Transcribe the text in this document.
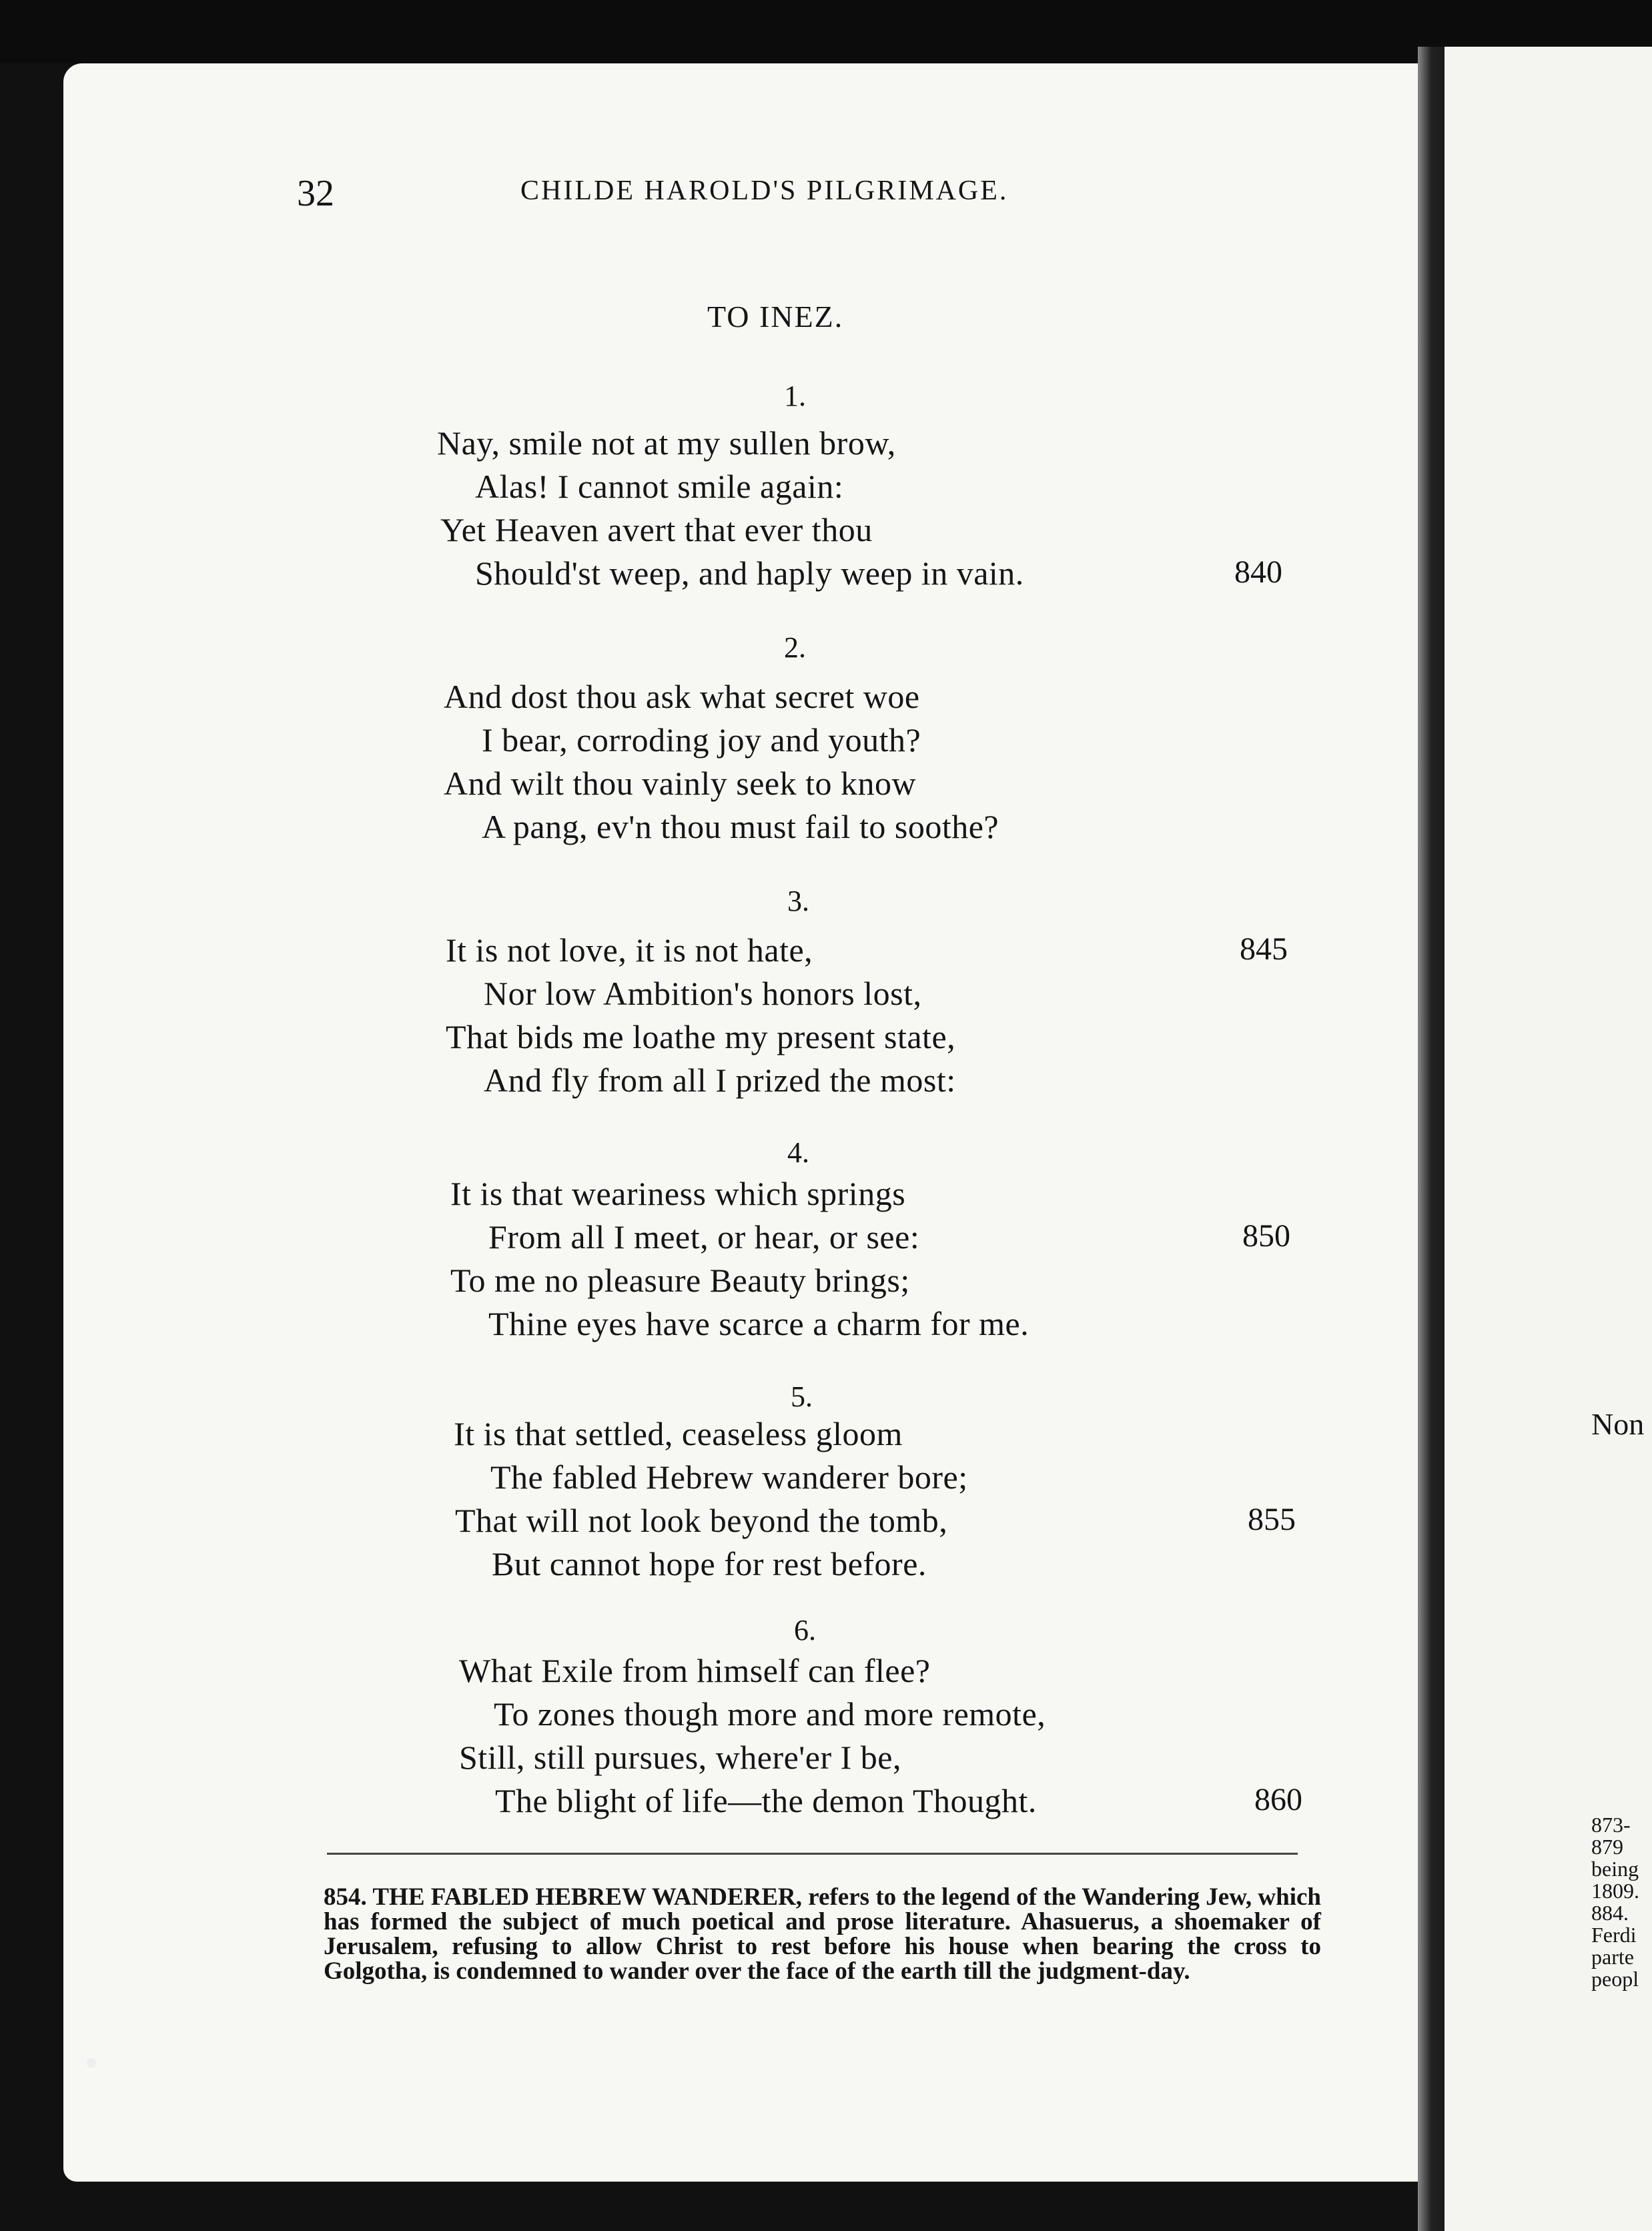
32	CHILDE HAROLD'S PILGRIMAGE.
TO INEZ.
1.
Nay, smile not at my sullen brow,
Alas! I cannot smile again:
Yet Heaven avert that ever thou
Should'st weep, and haply weep in vain.	840
2.
And dost thou ask what secret woe
I bear, corroding joy and youth?
And wilt thou vainly seek to know
A pang, ev'n thou must fail to soothe?
3.
It is not love, it is not hate,	845
Nor low Ambition's honors lost,
That bids me loathe my present state,
And fly from all I prized the most:
4.
It is that weariness which springs
From all I meet, or hear, or see:	850
To me no pleasure Beauty brings;
Thine eyes have scarce a charm for me.
5.
It is that settled, ceaseless gloom
The fabled Hebrew wanderer bore;
That will not look beyond the tomb,	855
But cannot hope for rest before.
6.
What Exile from himself can flee?
To zones though more and more remote,
Still, still pursues, where'er I be,
The blight of life—the demon Thought.	860
854. THE FABLED HEBREW WANDERER, refers to the legend of the Wandering Jew, which has formed the subject of much poetical and prose literature. Ahasuerus, a shoemaker of Jerusalem, refusing to allow Christ to rest before his house when bearing the cross to Golgotha, is condemned to wander over the face of the earth till the judgment-day.
Non
873-
879
being
1809.
884.
Ferdi
parte
peopl
